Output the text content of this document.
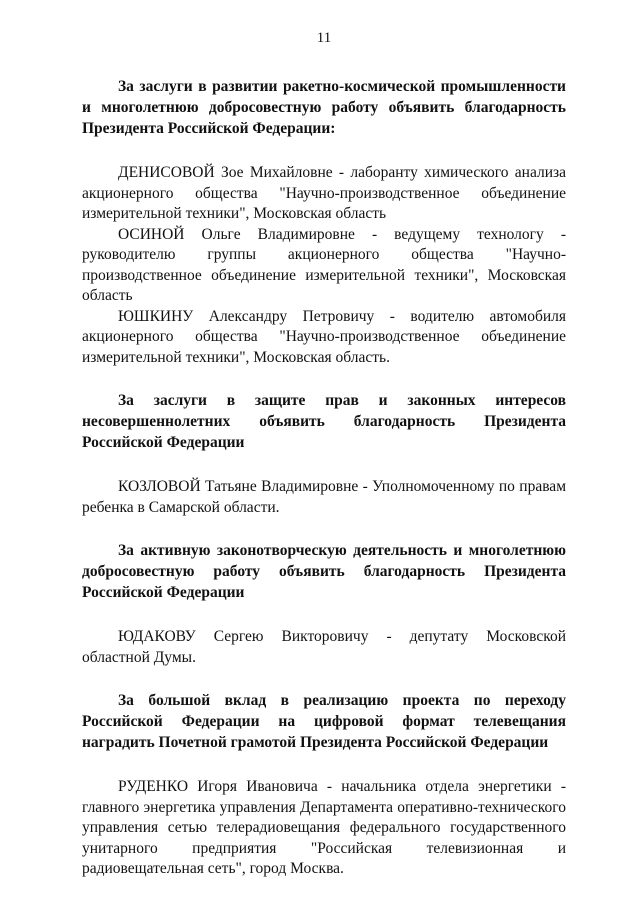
11

За заслуги в развитии ракетно-космической промышленности и многолетнюю добросовестную работу объявить благодарность Президента Российской Федерации:

ДЕНИСОВОЙ Зое Михайловне - лаборанту химического анализа акционерного общества "Научно-производственное объединение измерительной техники", Московская область

ОСИНОЙ Ольге Владимировне - ведущему технологу - руководителю группы акционерного общества "Научно-производственное объединение измерительной техники", Московская область

ЮШКИНУ Александру Петровичу - водителю автомобиля акционерного общества "Научно-производственное объединение измерительной техники", Московская область.

За заслуги в защите прав и законных интересов несовершеннолетних объявить благодарность Президента Российской Федерации

КОЗЛОВОЙ Татьяне Владимировне - Уполномоченному по правам ребенка в Самарской области.

За активную законотворческую деятельность и многолетнюю добросовестную работу объявить благодарность Президента Российской Федерации

ЮДАКОВУ Сергею Викторовичу - депутату Московской областной Думы.

За большой вклад в реализацию проекта по переходу Российской Федерации на цифровой формат телевещания наградить Почетной грамотой Президента Российской Федерации

РУДЕНКО Игоря Ивановича - начальника отдела энергетики - главного энергетика управления Департамента оперативно-технического управления сетью телерадиовещания федерального государственного унитарного предприятия "Российская телевизионная и радиовещательная сеть", город Москва.
